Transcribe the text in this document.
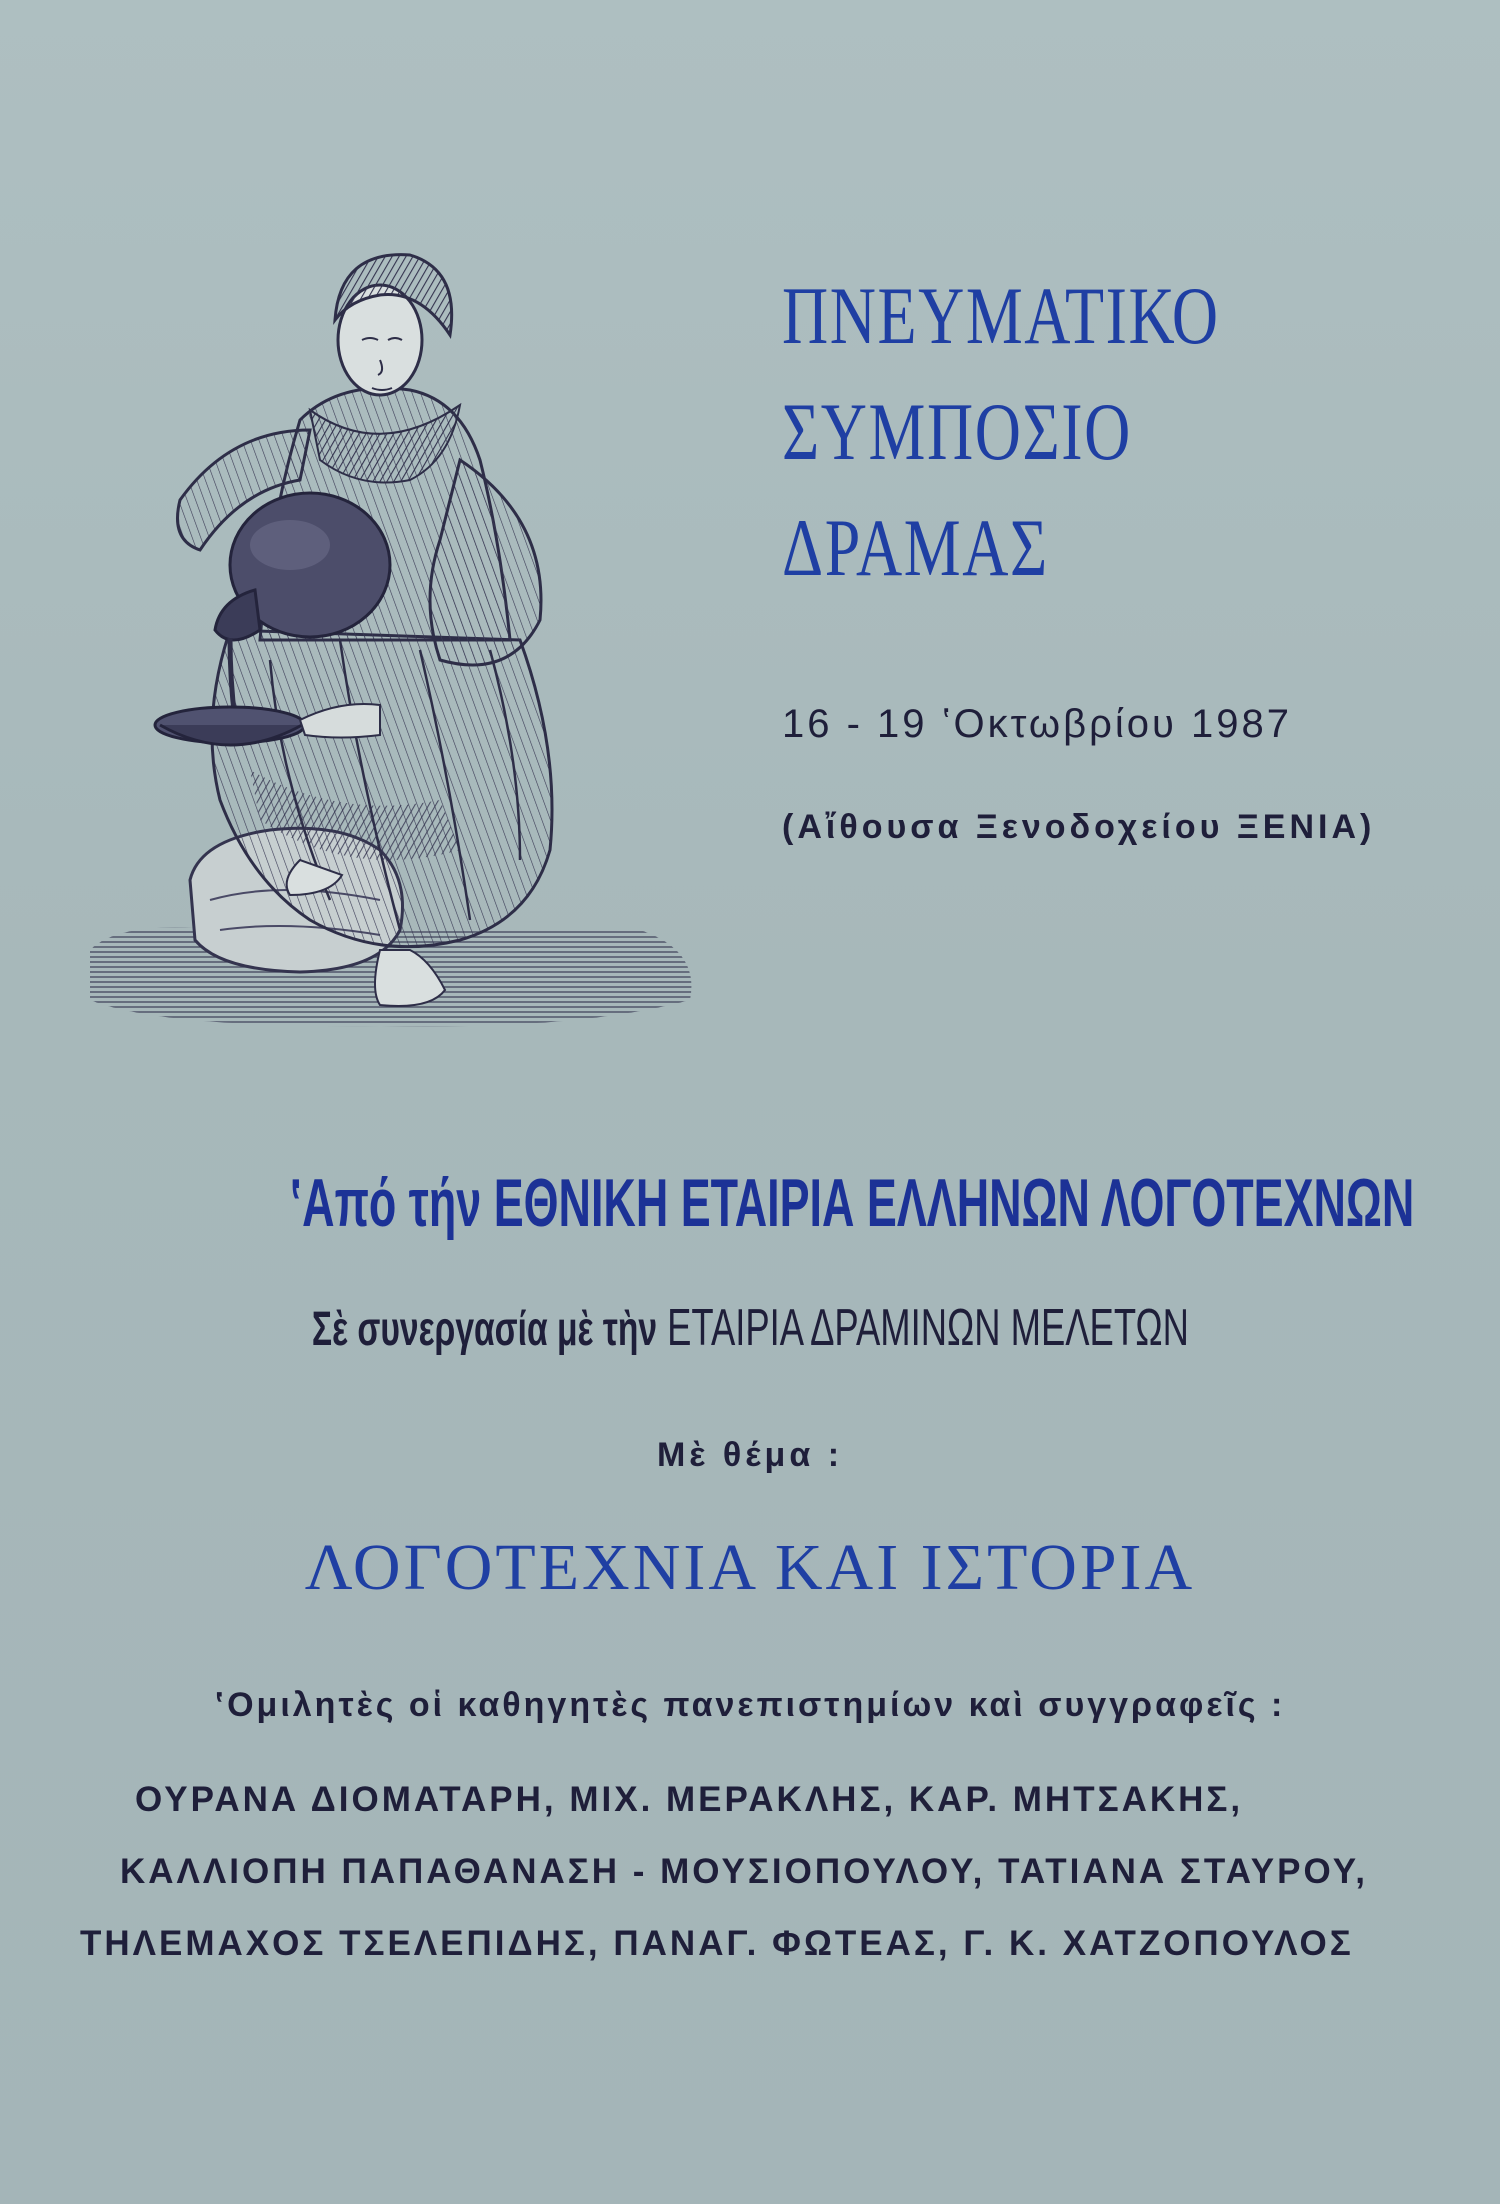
ΠΝΕΥΜΑΤΙΚΟ
ΣΥΜΠΟΣΙΟ
ΔΡΑΜΑΣ
16 - 19 ʽΟκτωβρίου 1987
(Αἴθουσα Ξενοδοχείου ΞΕΝΙΑ)
ʽΑπό τήν ΕΘΝΙΚΗ ΕΤΑΙΡΙΑ ΕΛΛΗΝΩΝ ΛΟΓΟΤΕΧΝΩΝ
Σὲ συνεργασία μὲ τὴν ΕΤΑΙΡΙΑ ΔΡΑΜΙΝΩΝ ΜΕΛΕΤΩΝ
Μὲ θέμα :
ΛΟΓΟΤΕΧΝΙΑ ΚΑΙ ΙΣΤΟΡΙΑ
ʽΟμιλητὲς οἱ καθηγητὲς πανεπιστημίων καὶ συγγραφεῖς :
ΟΥΡΑΝΑ ΔΙΟΜΑΤΑΡΗ, ΜΙΧ. ΜΕΡΑΚΛΗΣ, ΚΑΡ. ΜΗΤΣΑΚΗΣ,
ΚΑΛΛΙΟΠΗ ΠΑΠΑΘΑΝΑΣΗ - ΜΟΥΣΙΟΠΟΥΛΟΥ, ΤΑΤΙΑΝΑ ΣΤΑΥΡΟΥ,
ΤΗΛΕΜΑΧΟΣ ΤΣΕΛΕΠΙΔΗΣ, ΠΑΝΑΓ. ΦΩΤΕΑΣ, Γ. Κ. ΧΑΤΖΟΠΟΥΛΟΣ
